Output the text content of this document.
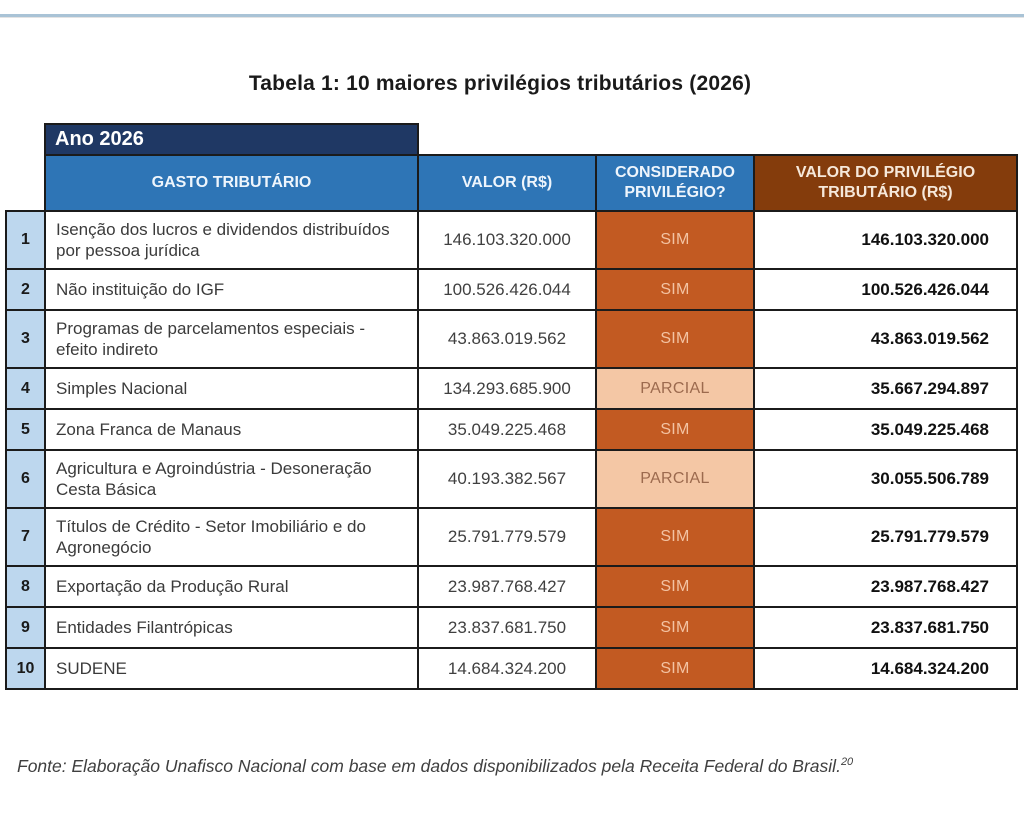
Tabela 1: 10 maiores privilégios tributários (2026)
	Ano 2026			
	GASTO TRIBUTÁRIO	VALOR (R$)	CONSIDERADO PRIVILÉGIO?	VALOR DO PRIVILÉGIO TRIBUTÁRIO (R$)
1	Isenção dos lucros e dividendos distribuídos por pessoa jurídica	146.103.320.000	SIM	146.103.320.000
2	Não instituição do IGF	100.526.426.044	SIM	100.526.426.044
3	Programas de parcelamentos especiais - efeito indireto	43.863.019.562	SIM	43.863.019.562
4	Simples Nacional	134.293.685.900	PARCIAL	35.667.294.897
5	Zona Franca de Manaus	35.049.225.468	SIM	35.049.225.468
6	Agricultura e Agroindústria - Desoneração Cesta Básica	40.193.382.567	PARCIAL	30.055.506.789
7	Títulos de Crédito - Setor Imobiliário e do Agronegócio	25.791.779.579	SIM	25.791.779.579
8	Exportação da Produção Rural	23.987.768.427	SIM	23.987.768.427
9	Entidades Filantrópicas	23.837.681.750	SIM	23.837.681.750
10	SUDENE	14.684.324.200	SIM	14.684.324.200
Fonte: Elaboração Unafisco Nacional com base em dados disponibilizados pela Receita Federal do Brasil.$^{20}$
